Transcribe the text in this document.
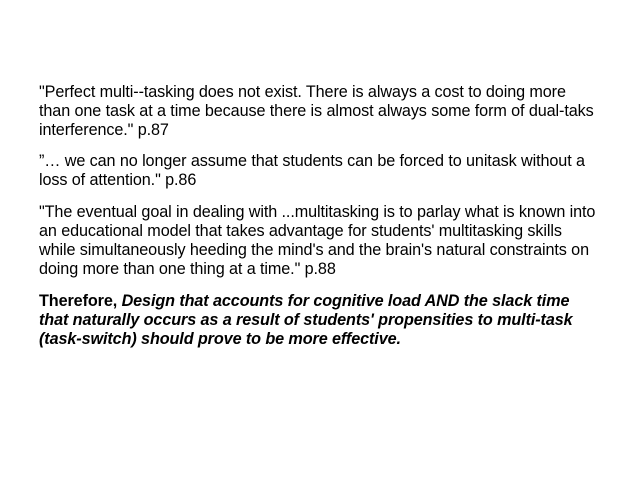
"Perfect multi--tasking does not exist. There is always a cost to doing more than one task at a time because there is almost always some form of dual-taks interference." p.87

”… we can no longer assume that students can be forced to unitask without a loss of attention." p.86

"The eventual goal in dealing with ...multitasking is to parlay what is known into an educational model that takes advantage for students' multitasking skills while simultaneously heeding the mind's and the brain's natural constraints on doing more than one thing at a time." p.88

Therefore, Design that accounts for cognitive load AND the slack time that naturally occurs as a result of students' propensities to multi-task (task-switch) should prove to be more effective.
